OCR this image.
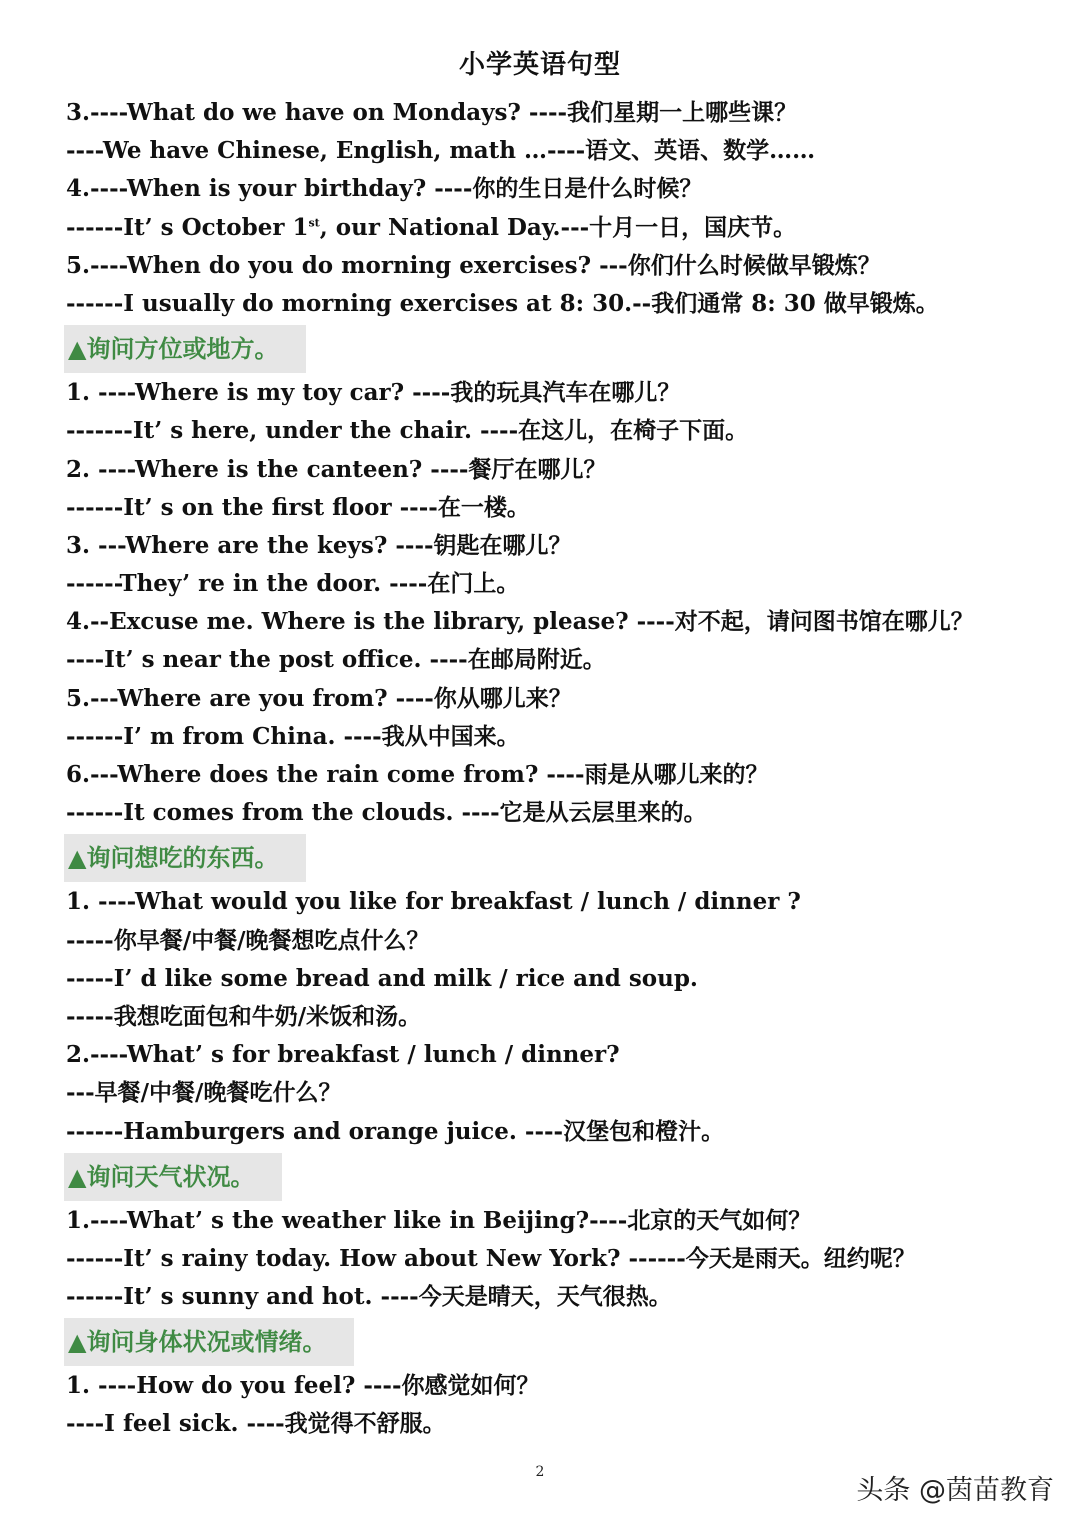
小学英语句型
3.----What do we have on Mondays? ----我们星期一上哪些课？
----We have Chinese, English, math …----语文、英语、数学……
4.----When is your birthday? ----你的生日是什么时候？
------It’ s October 1st, our National Day.---十月一日，国庆节。
5.----When do you do morning exercises? ---你们什么时候做早锻炼？
------I usually do morning exercises at 8: 30.--我们通常 8: 30 做早锻炼。
▲询问方位或地方。
1. ----Where is my toy car? ----我的玩具汽车在哪儿？
-------It’ s here, under the chair. ----在这儿，在椅子下面。
2. ----Where is the canteen? ----餐厅在哪儿？
------It’ s on the first floor ----在一楼。
3. ---Where are the keys? ----钥匙在哪儿？
------They’ re in the door. ----在门上。
4.--Excuse me. Where is the library, please? ----对不起，请问图书馆在哪儿？
----It’ s near the post office. ----在邮局附近。
5.---Where are you from? ----你从哪儿来？
------I’ m from China. ----我从中国来。
6.---Where does the rain come from? ----雨是从哪儿来的？
------It comes from the clouds. ----它是从云层里来的。
▲询问想吃的东西。
1. ----What would you like for breakfast / lunch / dinner ?
-----你早餐/中餐/晚餐想吃点什么？
-----I’ d like some bread and milk / rice and soup.
-----我想吃面包和牛奶/米饭和汤。
2.----What’ s for breakfast / lunch / dinner?
---早餐/中餐/晚餐吃什么？
------Hamburgers and orange juice. ----汉堡包和橙汁。
▲询问天气状况。
1.----What’ s the weather like in Beijing?----北京的天气如何？
------It’ s rainy today. How about New York? ------今天是雨天。纽约呢？
------It’ s sunny and hot. ----今天是晴天，天气很热。
▲询问身体状况或情绪。
1. ----How do you feel? ----你感觉如何？
----I feel sick. ----我觉得不舒服。
2
头条 @茵苗教育
